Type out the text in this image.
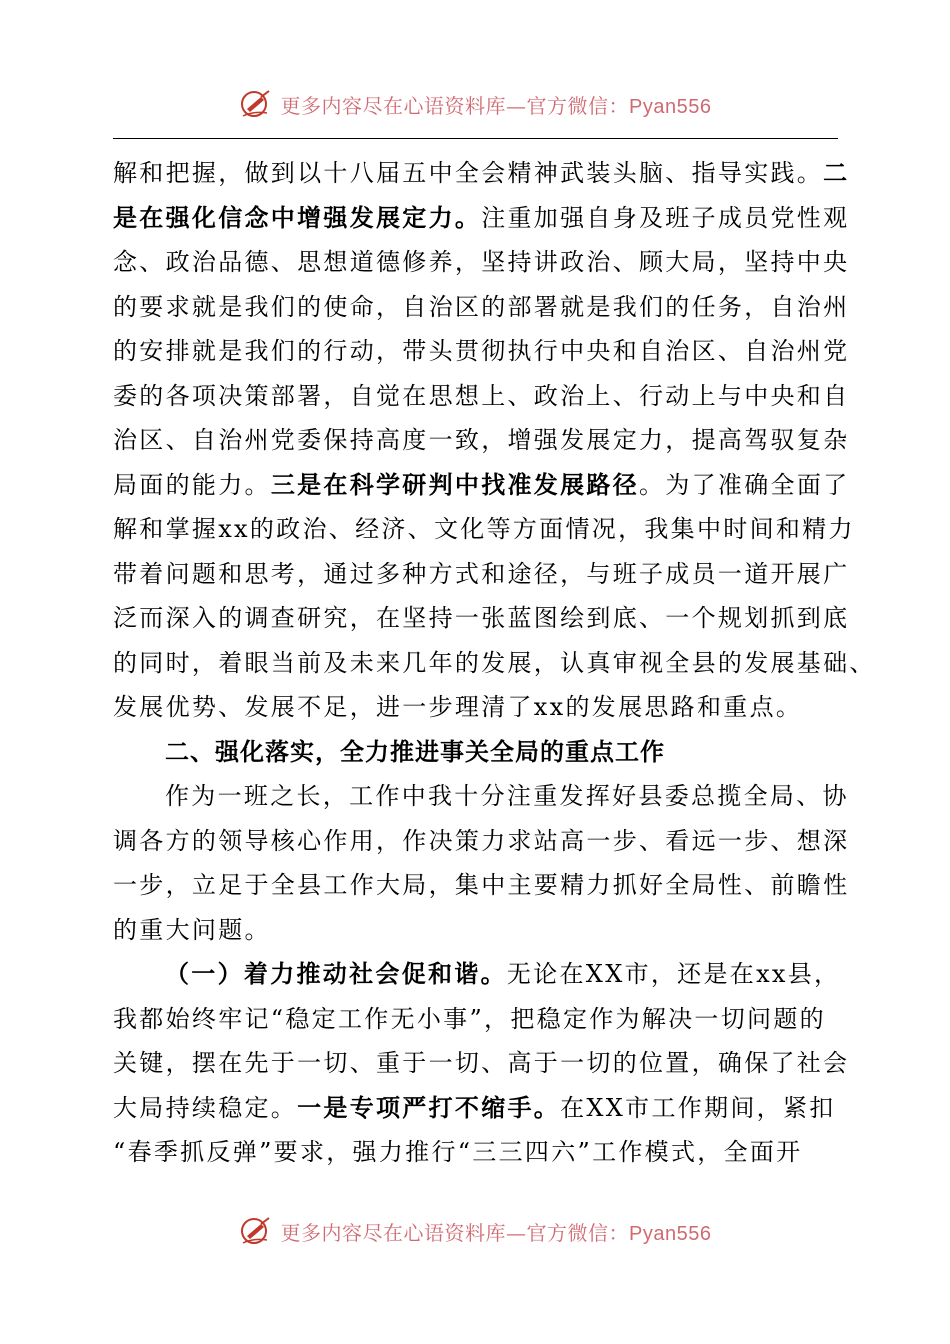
更多内容尽在心语资料库—官方微信：Pyan556
解和把握，做到以十八届五中全会精神武装头脑、指导实践。 二
是在强化信念中增强发展定力。 注重加强自身及班子成员党性观
念、政治品德、思想道德修养，坚持讲政治、顾大局，坚持中央
的要求就是我们的使命，自治区的部署就是我们的任务，自治州
的安排就是我们的行动，带头贯彻执行中央和自治区、自治州党
委的各项决策部署，自觉在思想上、政治上、行动上与中央和自
治区、自治州党委保持高度一致，增强发展定力，提高驾驭复杂
局面的能力。三是在科学研判中找准发展路径。为了准确全面了
解和掌握xx的政治、经济、文化等方面情况，我集中时间和精力
带着问题和思考，通过多种方式和途径，与班子成员一道开展广
泛而深入的调查研究，在坚持一张蓝图绘到底、一个规划抓到底
的同时，着眼当前及未来几年的发展，认真审视全县的发展基础、
发展优势、发展不足，进一步理清了xx的发展思路和重点。
二、强化落实，全力推进事关全局的重点工作
作为一班之长，工作中我十分注重发挥好县委总揽全局、协
调各方的领导核心作用，作决策力求站高一步、看远一步、想深
一步，立足于全县工作大局，集中主要精力抓好全局性、前瞻性
的重大问题。
（一）着力推动社会促和谐。无论在XX市，还是在xx县，
我都始终牢记“稳定工作无小事”，把稳定作为解决一切问题的
关键，摆在先于一切、重于一切、高于一切的位置，确保了社会
大局持续稳定。一是专项严打不缩手。在XX市工作期间，紧扣
“春季抓反弹”要求，强力推行“三三四六”工作模式，全面开
更多内容尽在心语资料库—官方微信：Pyan556
